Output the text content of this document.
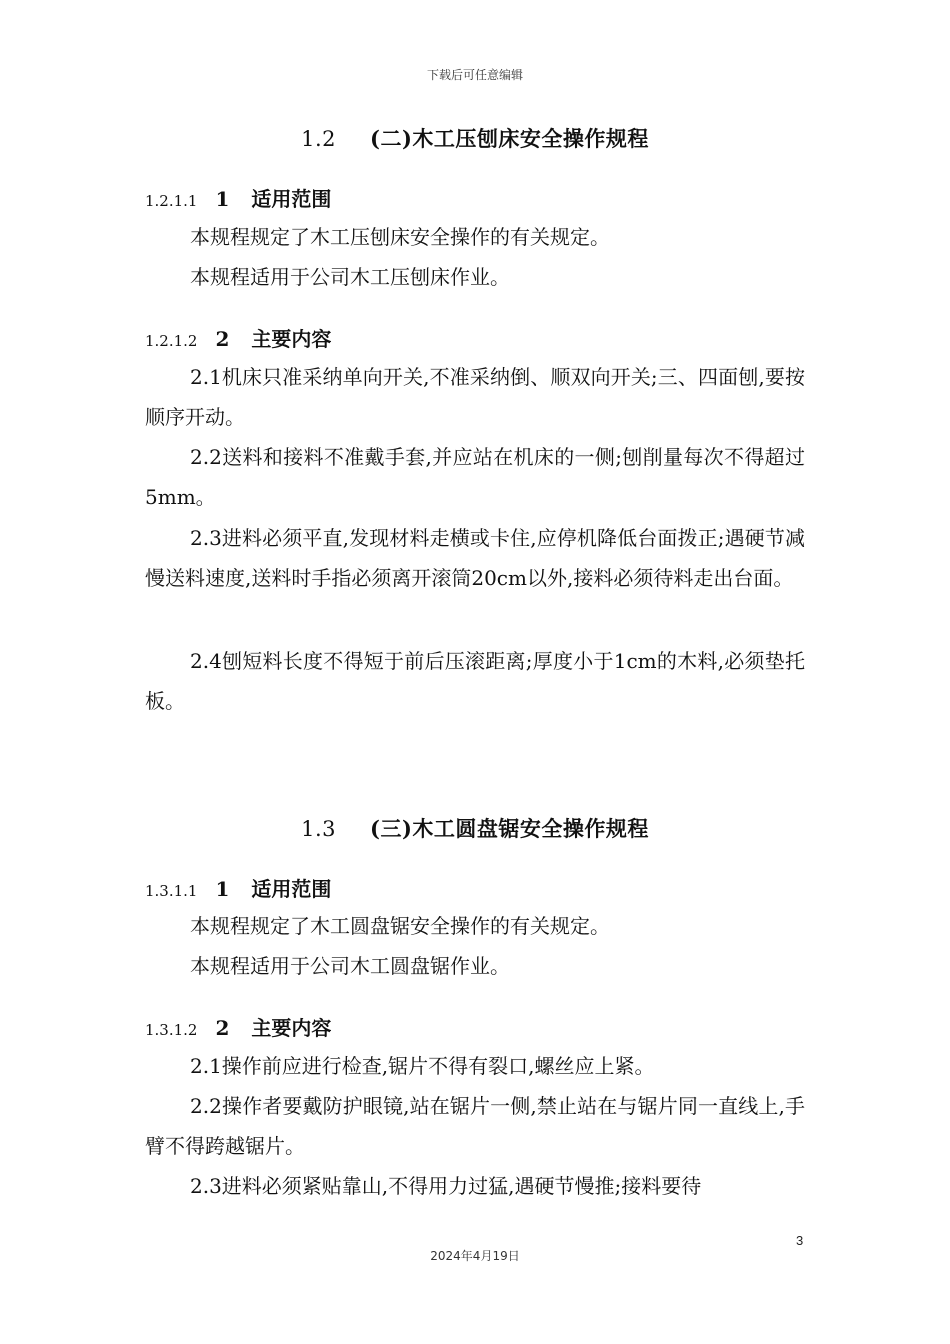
下载后可任意编辑
1.2 (二)木工压刨床安全操作规程
1.2.1.1 1 适用范围
本规程规定了木工压刨床安全操作的有关规定。
本规程适用于公司木工压刨床作业。
1.2.1.2 2 主要内容
2.1机床只准采纳单向开关,不准采纳倒、顺双向开关;三、四面刨,要按顺序开动。
2.2送料和接料不准戴手套,并应站在机床的一侧;刨削量每次不得超过5mm。
2.3进料必须平直,发现材料走横或卡住,应停机降低台面拨正;遇硬节减慢送料速度,送料时手指必须离开滚筒20cm以外,接料必须待料走出台面。
2.4刨短料长度不得短于前后压滚距离;厚度小于1cm的木料,必须垫托板。
1.3 (三)木工圆盘锯安全操作规程
1.3.1.1 1 适用范围
本规程规定了木工圆盘锯安全操作的有关规定。
本规程适用于公司木工圆盘锯作业。
1.3.1.2 2 主要内容
2.1操作前应进行检查,锯片不得有裂口,螺丝应上紧。
2.2操作者要戴防护眼镜,站在锯片一侧,禁止站在与锯片同一直线上,手臂不得跨越锯片。
2.3进料必须紧贴靠山,不得用力过猛,遇硬节慢推;接料要待
3
2024年4月19日
